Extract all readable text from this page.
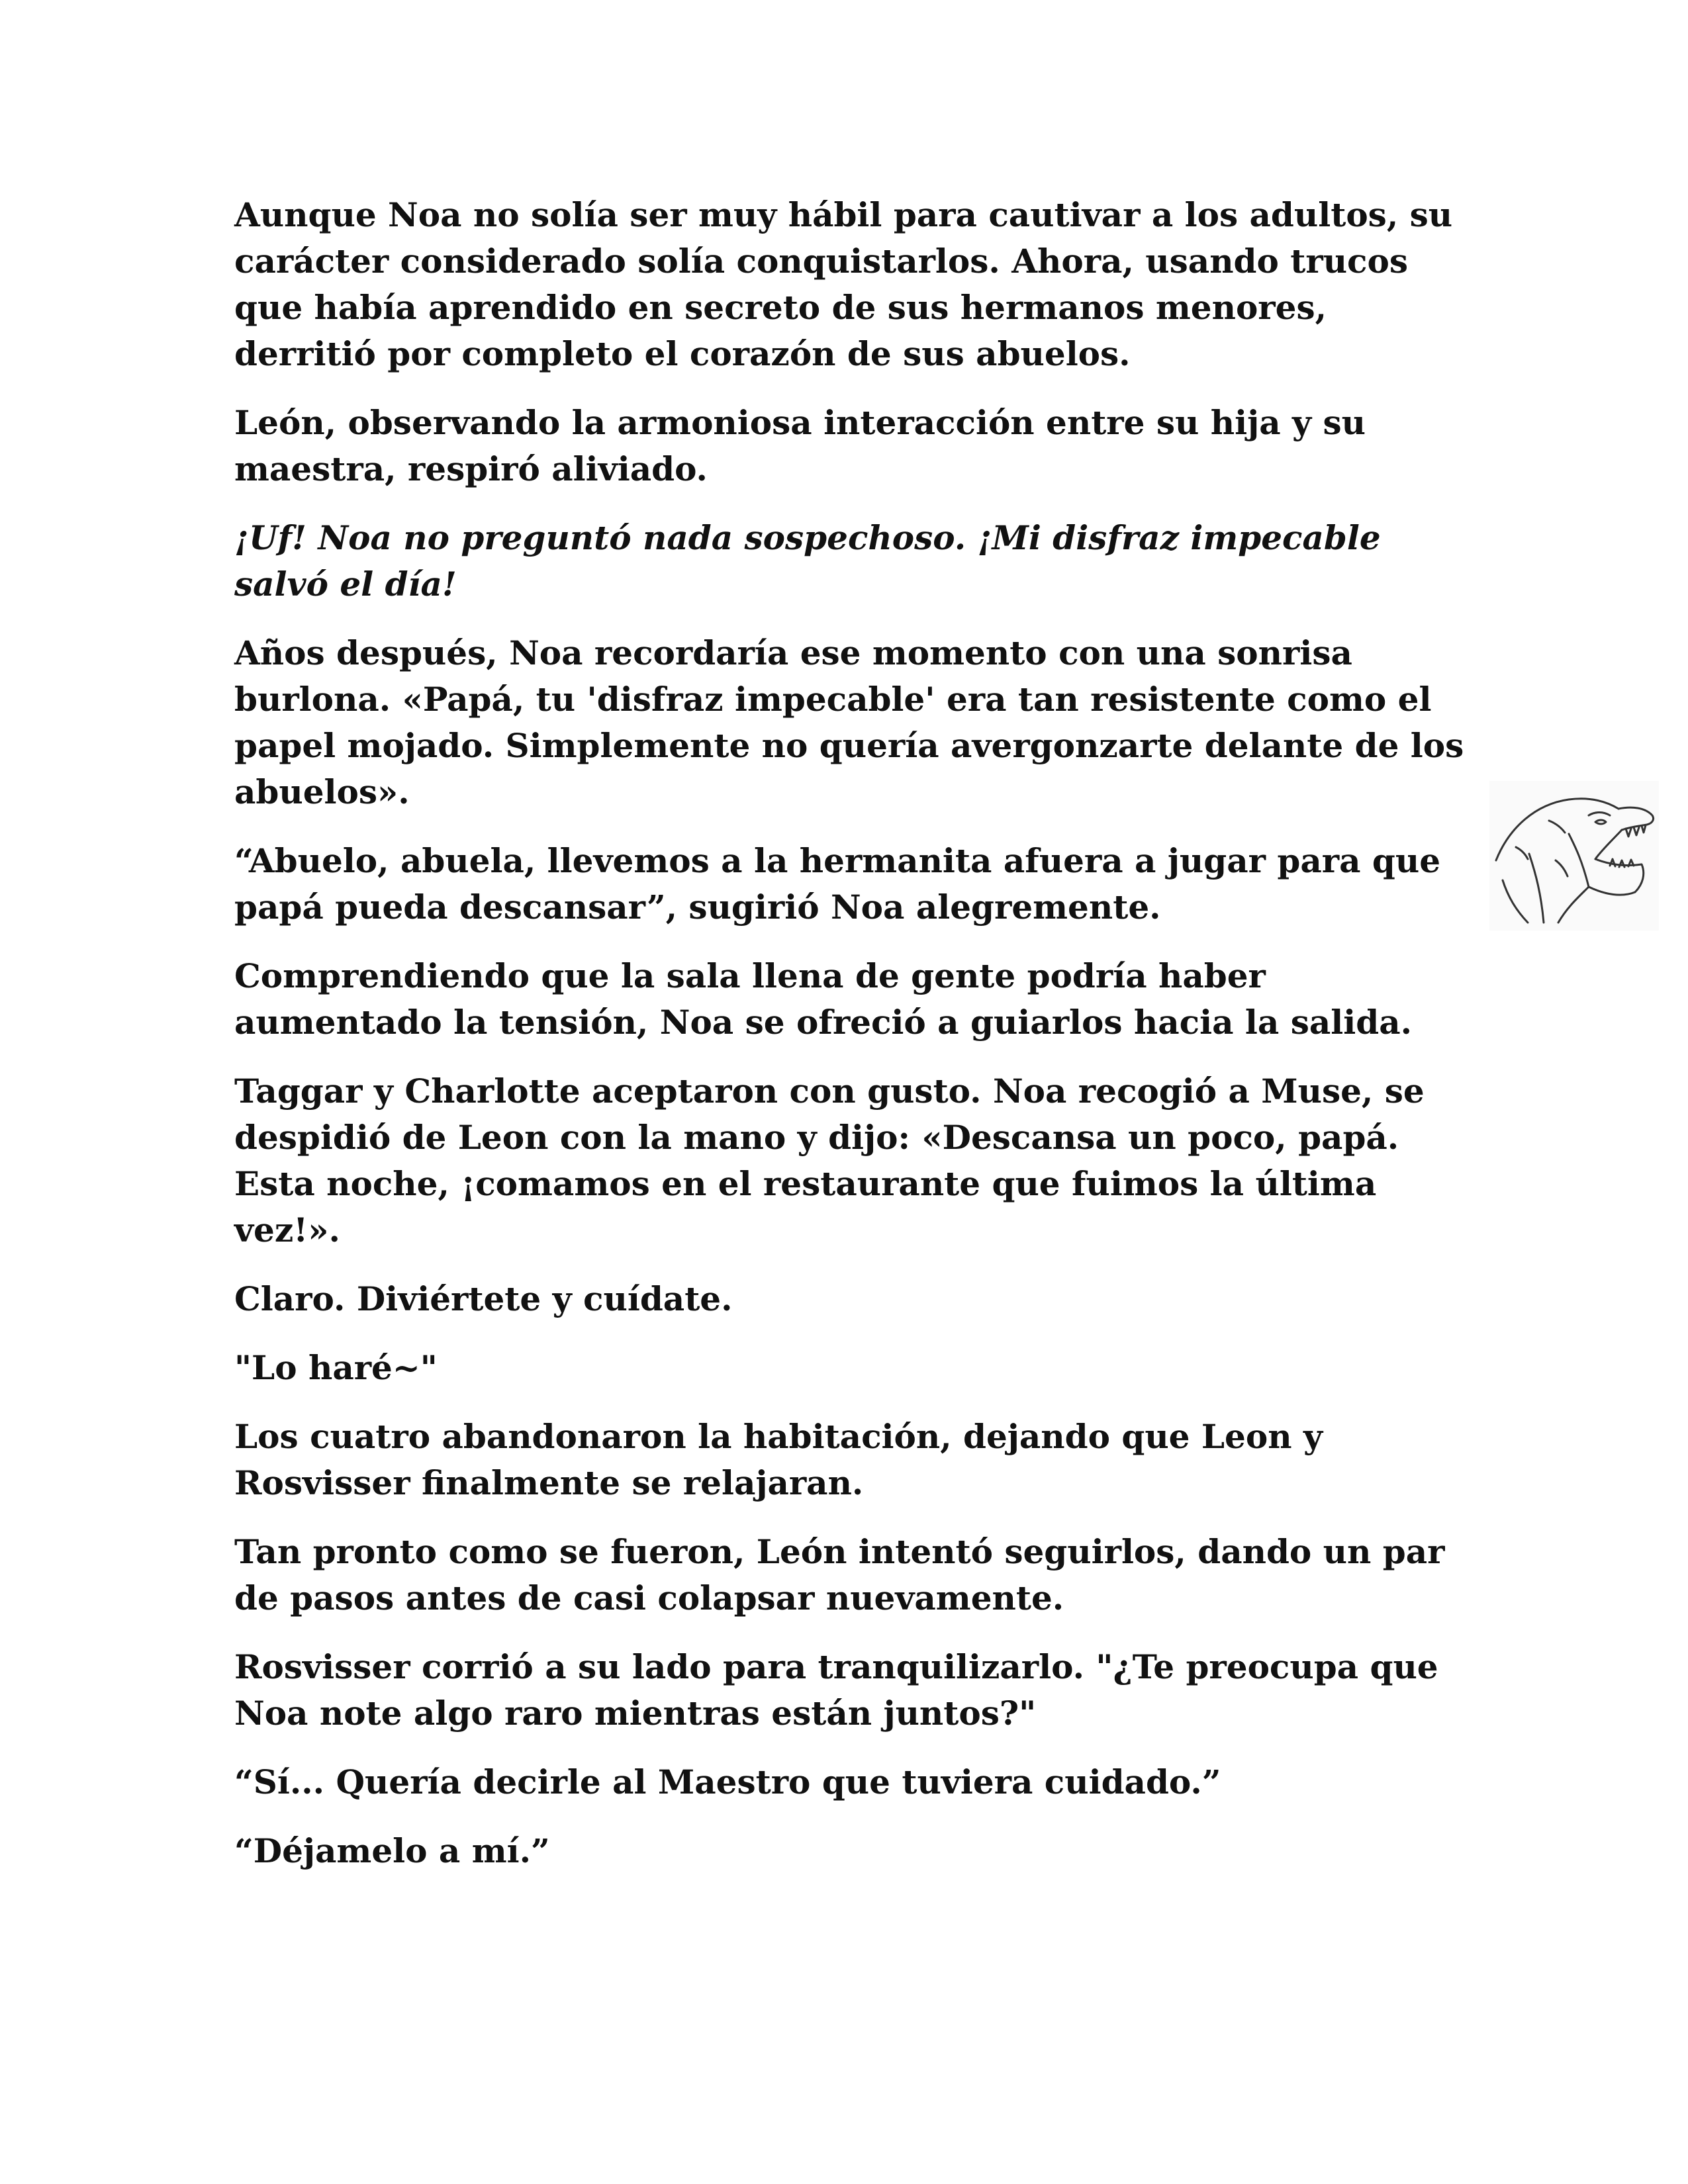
Aunque Noa no solía ser muy hábil para cautivar a los adultos, su carácter considerado solía conquistarlos. Ahora, usando trucos que había aprendido en secreto de sus hermanos menores, derritió por completo el corazón de sus abuelos.

León, observando la armoniosa interacción entre su hija y su maestra, respiró aliviado.

¡Uf! Noa no preguntó nada sospechoso. ¡Mi disfraz impecable salvó el día!

Años después, Noa recordaría ese momento con una sonrisa burlona. «Papá, tu 'disfraz impecable' era tan resistente como el papel mojado. Simplemente no quería avergonzarte delante de los abuelos».

“Abuelo, abuela, llevemos a la hermanita afuera a jugar para que papá pueda descansar”, sugirió Noa alegremente.

Comprendiendo que la sala llena de gente podría haber aumentado la tensión, Noa se ofreció a guiarlos hacia la salida.

Taggar y Charlotte aceptaron con gusto. Noa recogió a Muse, se despidió de Leon con la mano y dijo: «Descansa un poco, papá. Esta noche, ¡comamos en el restaurante que fuimos la última vez!».

Claro. Diviértete y cuídate.

"Lo haré~"

Los cuatro abandonaron la habitación, dejando que Leon y Rosvisser finalmente se relajaran.

Tan pronto como se fueron, León intentó seguirlos, dando un par de pasos antes de casi colapsar nuevamente.

Rosvisser corrió a su lado para tranquilizarlo. "¿Te preocupa que Noa note algo raro mientras están juntos?"

“Sí... Quería decirle al Maestro que tuviera cuidado.”

“Déjamelo a mí.”
